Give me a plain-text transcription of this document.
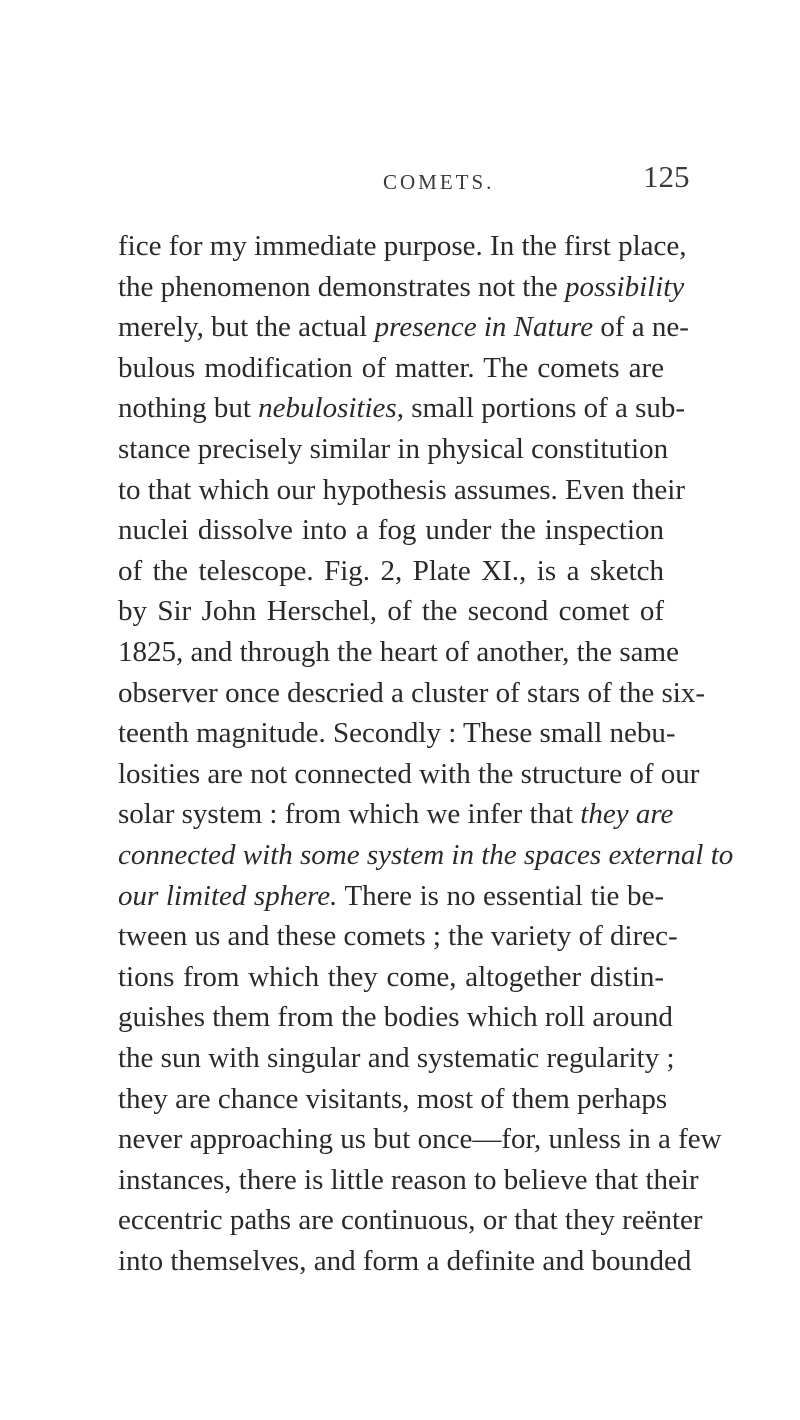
COMETS.	125
fice for my immediate purpose. In the first place,
the phenomenon demonstrates not the possibility
merely, but the actual presence in Nature of a ne-
bulous modification of matter. The comets are
nothing but nebulosities, small portions of a sub-
stance precisely similar in physical constitution
to that which our hypothesis assumes. Even their
nuclei dissolve into a fog under the inspection
of the telescope. Fig. 2, Plate XI., is a sketch
by Sir John Herschel, of the second comet of
1825, and through the heart of another, the same
observer once descried a cluster of stars of the six-
teenth magnitude. Secondly : These small nebu-
losities are not connected with the structure of our
solar system : from which we infer that they are
connected with some system in the spaces external to
our limited sphere. There is no essential tie be-
tween us and these comets ; the variety of direc-
tions from which they come, altogether distin-
guishes them from the bodies which roll around
the sun with singular and systematic regularity ;
they are chance visitants, most of them perhaps
never approaching us but once—for, unless in a few
instances, there is little reason to believe that their
eccentric paths are continuous, or that they reënter
into themselves, and form a definite and bounded
